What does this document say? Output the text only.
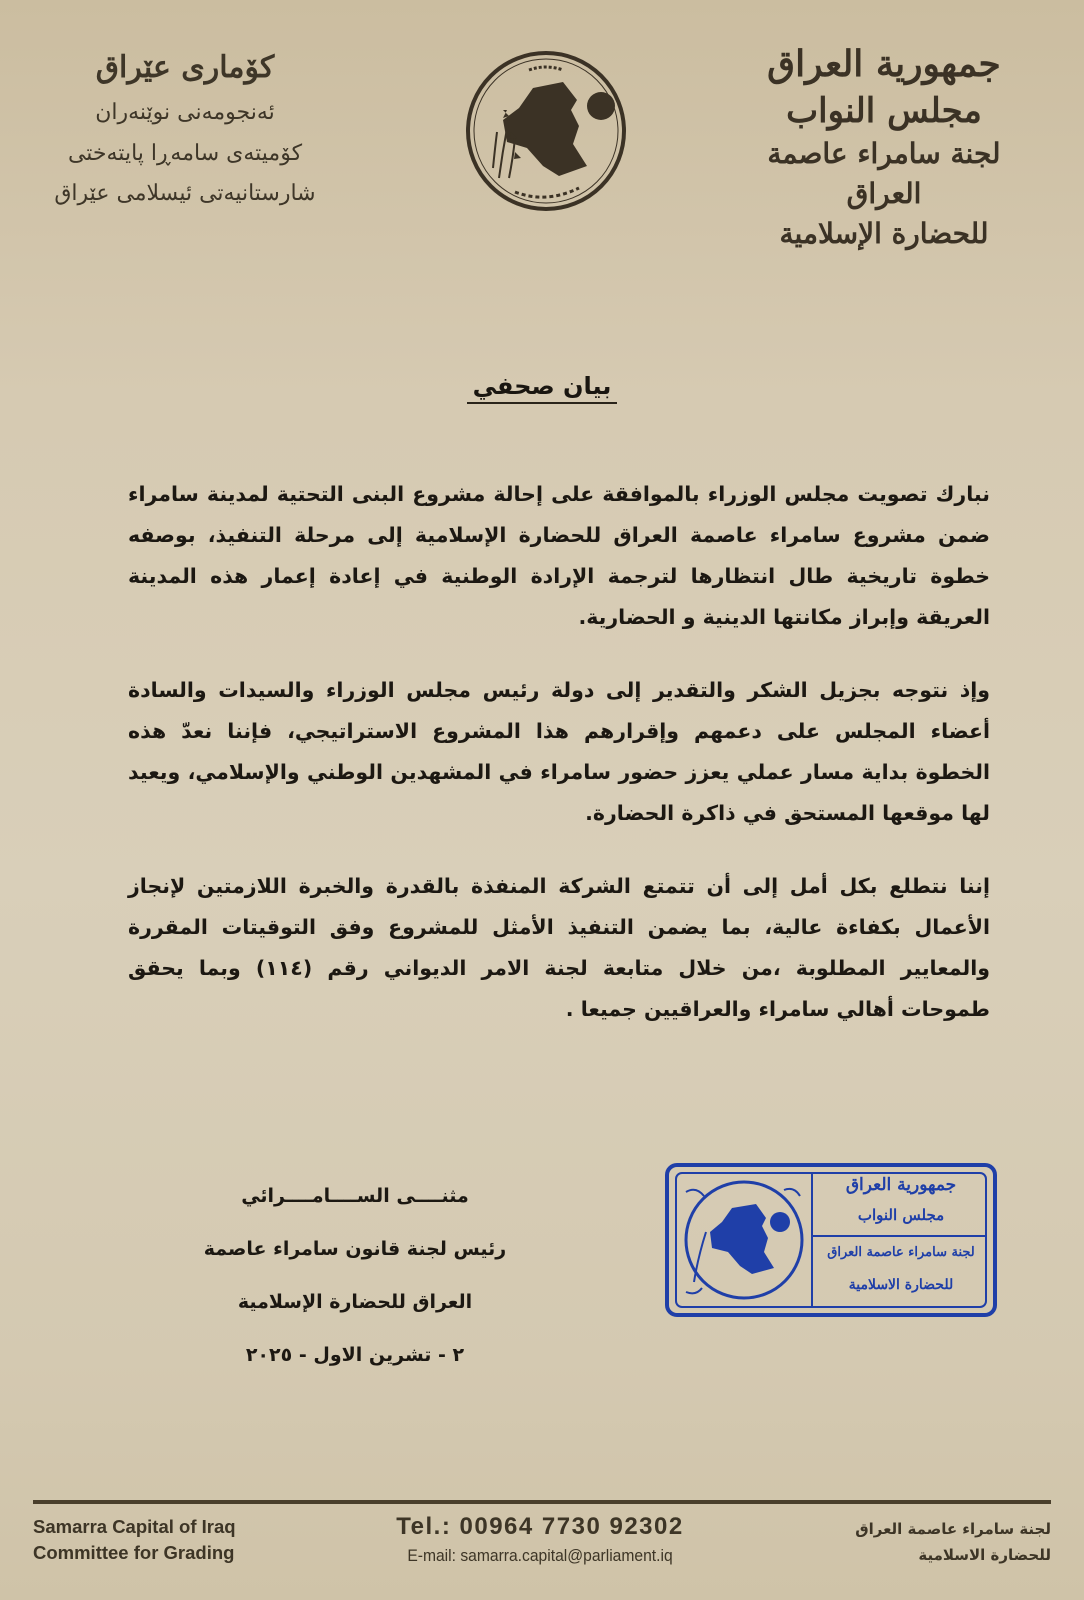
جمهورية العراق
مجلس النواب
لجنة سامراء عاصمة العراق
للحضارة الإسلامية
كۆماری عێراق
ئەنجومەنی نوێنەران
كۆمیتەی سامەڕا پایتەختی
شارستانیەتی ئیسلامی عێراق
بيان صحفي

نبارك تصويت مجلس الوزراء بالموافقة على إحالة مشروع البنى التحتية لمدينة سامراء ضمن مشروع سامراء عاصمة العراق للحضارة الإسلامية إلى مرحلة التنفيذ، بوصفه خطوة تاريخية طال انتظارها لترجمة الإرادة الوطنية في إعادة إعمار هذه المدينة العريقة وإبراز مكانتها الدينية و الحضارية.

وإذ نتوجه بجزيل الشكر والتقدير إلى دولة رئيس مجلس الوزراء والسيدات والسادة أعضاء المجلس على دعمهم وإقرارهم هذا المشروع الاستراتيجي، فإننا نعدّ هذه الخطوة بداية مسار عملي يعزز حضور سامراء في المشهدين الوطني والإسلامي، ويعيد لها موقعها المستحق في ذاكرة الحضارة.

إننا نتطلع بكل أمل إلى أن تتمتع الشركة المنفذة بالقدرة والخبرة اللازمتين لإنجاز الأعمال بكفاءة عالية، بما يضمن التنفيذ الأمثل للمشروع وفق التوقيتات المقررة والمعايير المطلوبة ،من خلال متابعة لجنة الامر الديواني رقم (١١٤) وبما يحقق طموحات أهالي سامراء والعراقيين جميعا .

مثنــــى الســــامــــرائي
رئيس لجنة قانون سامراء عاصمة
العراق للحضارة الإسلامية
٢ - تشرين الاول - ٢٠٢٥
جمهورية العراق
مجلس النواب
لجنة سامراء عاصمة العراق
للحضارة الاسلامية
Samarra Capital of Iraq
Committee for Grading
Tel.: 00964 7730 92302
E-mail: samarra.capital@parliament.iq
لجنة سامراء عاصمة العراق
للحضارة الاسلامية
